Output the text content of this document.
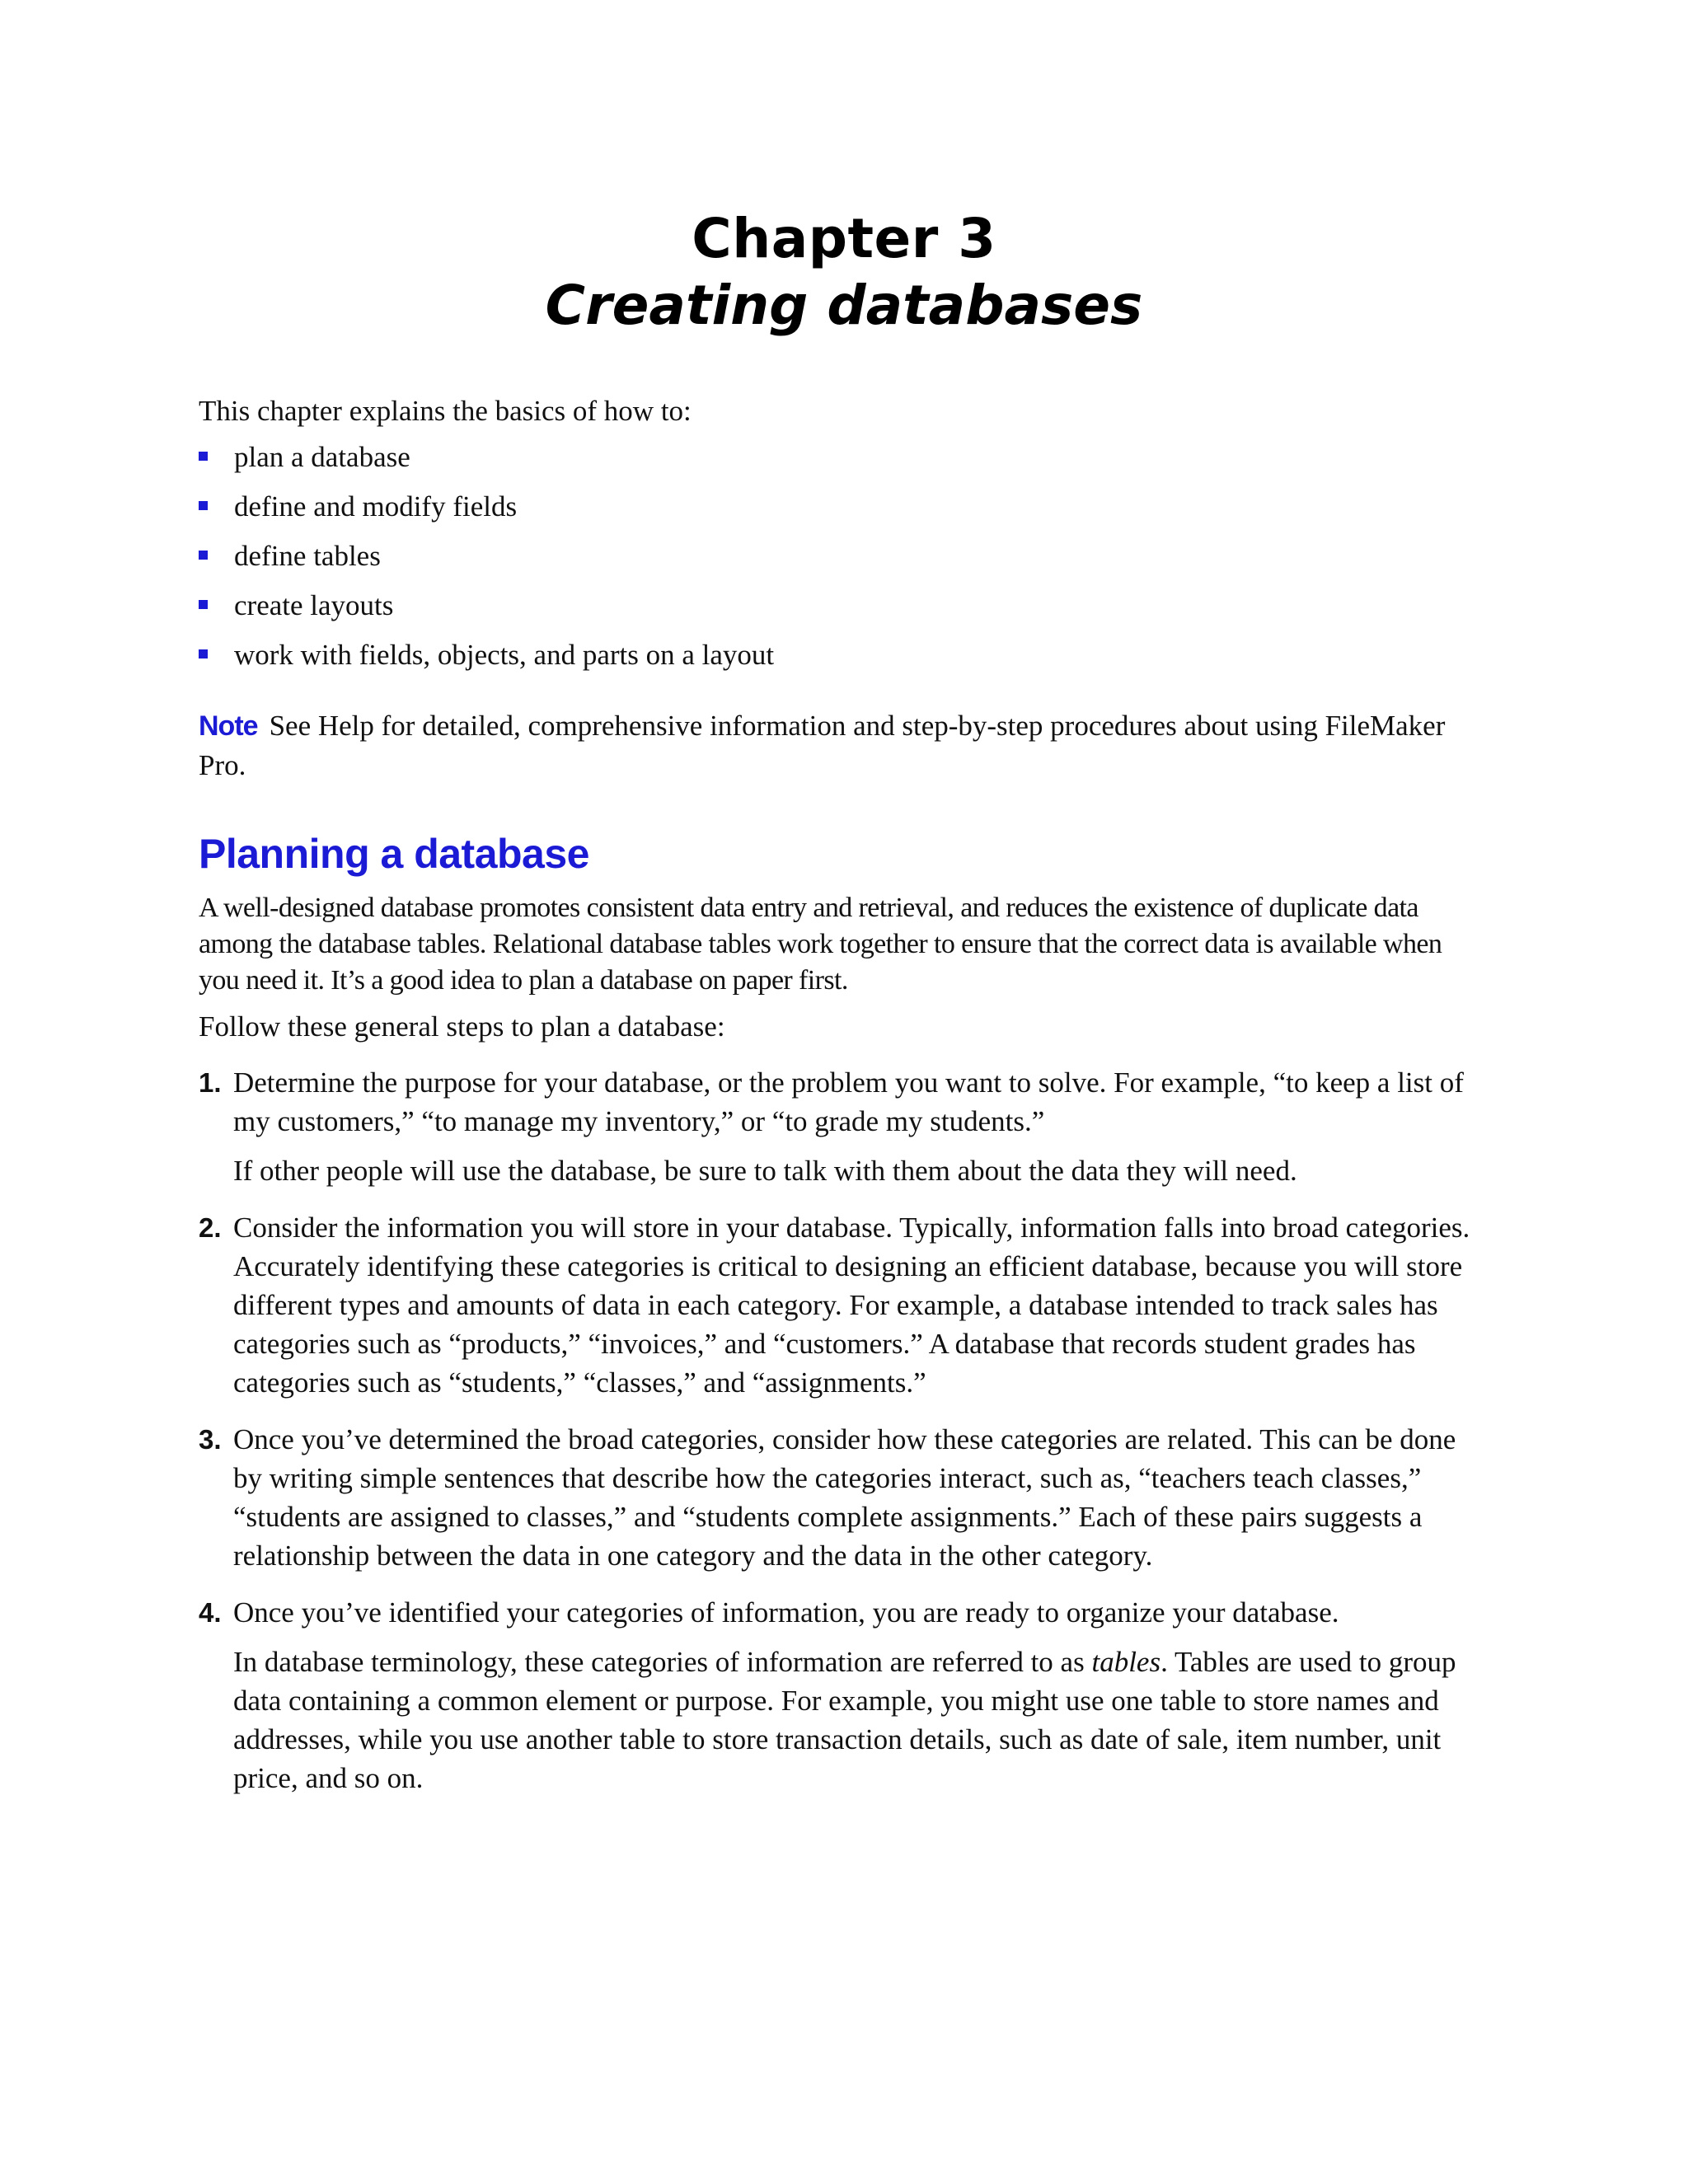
Chapter 3
Creating databases

This chapter explains the basics of how to:

plan a database
define and modify fields
define tables
create layouts
work with fields, objects, and parts on a layout

Note See Help for detailed, comprehensive information and step-by-step procedures about using FileMaker Pro.

Planning a database

A well-designed database promotes consistent data entry and retrieval, and reduces the existence of duplicate data among the database tables. Relational database tables work together to ensure that the correct data is available when you need it. It’s a good idea to plan a database on paper first.

Follow these general steps to plan a database:

1. Determine the purpose for your database, or the problem you want to solve. For example, “to keep a list of my customers,” “to manage my inventory,” or “to grade my students.”
If other people will use the database, be sure to talk with them about the data they will need.
2. Consider the information you will store in your database. Typically, information falls into broad categories. Accurately identifying these categories is critical to designing an efficient database, because you will store different types and amounts of data in each category. For example, a database intended to track sales has categories such as “products,” “invoices,” and “customers.” A database that records student grades has categories such as “students,” “classes,” and “assignments.”
3. Once you’ve determined the broad categories, consider how these categories are related. This can be done by writing simple sentences that describe how the categories interact, such as, “teachers teach classes,” “students are assigned to classes,” and “students complete assignments.” Each of these pairs suggests a relationship between the data in one category and the data in the other category.
4. Once you’ve identified your categories of information, you are ready to organize your database.
In database terminology, these categories of information are referred to as tables. Tables are used to group data containing a common element or purpose. For example, you might use one table to store names and addresses, while you use another table to store transaction details, such as date of sale, item number, unit price, and so on.
